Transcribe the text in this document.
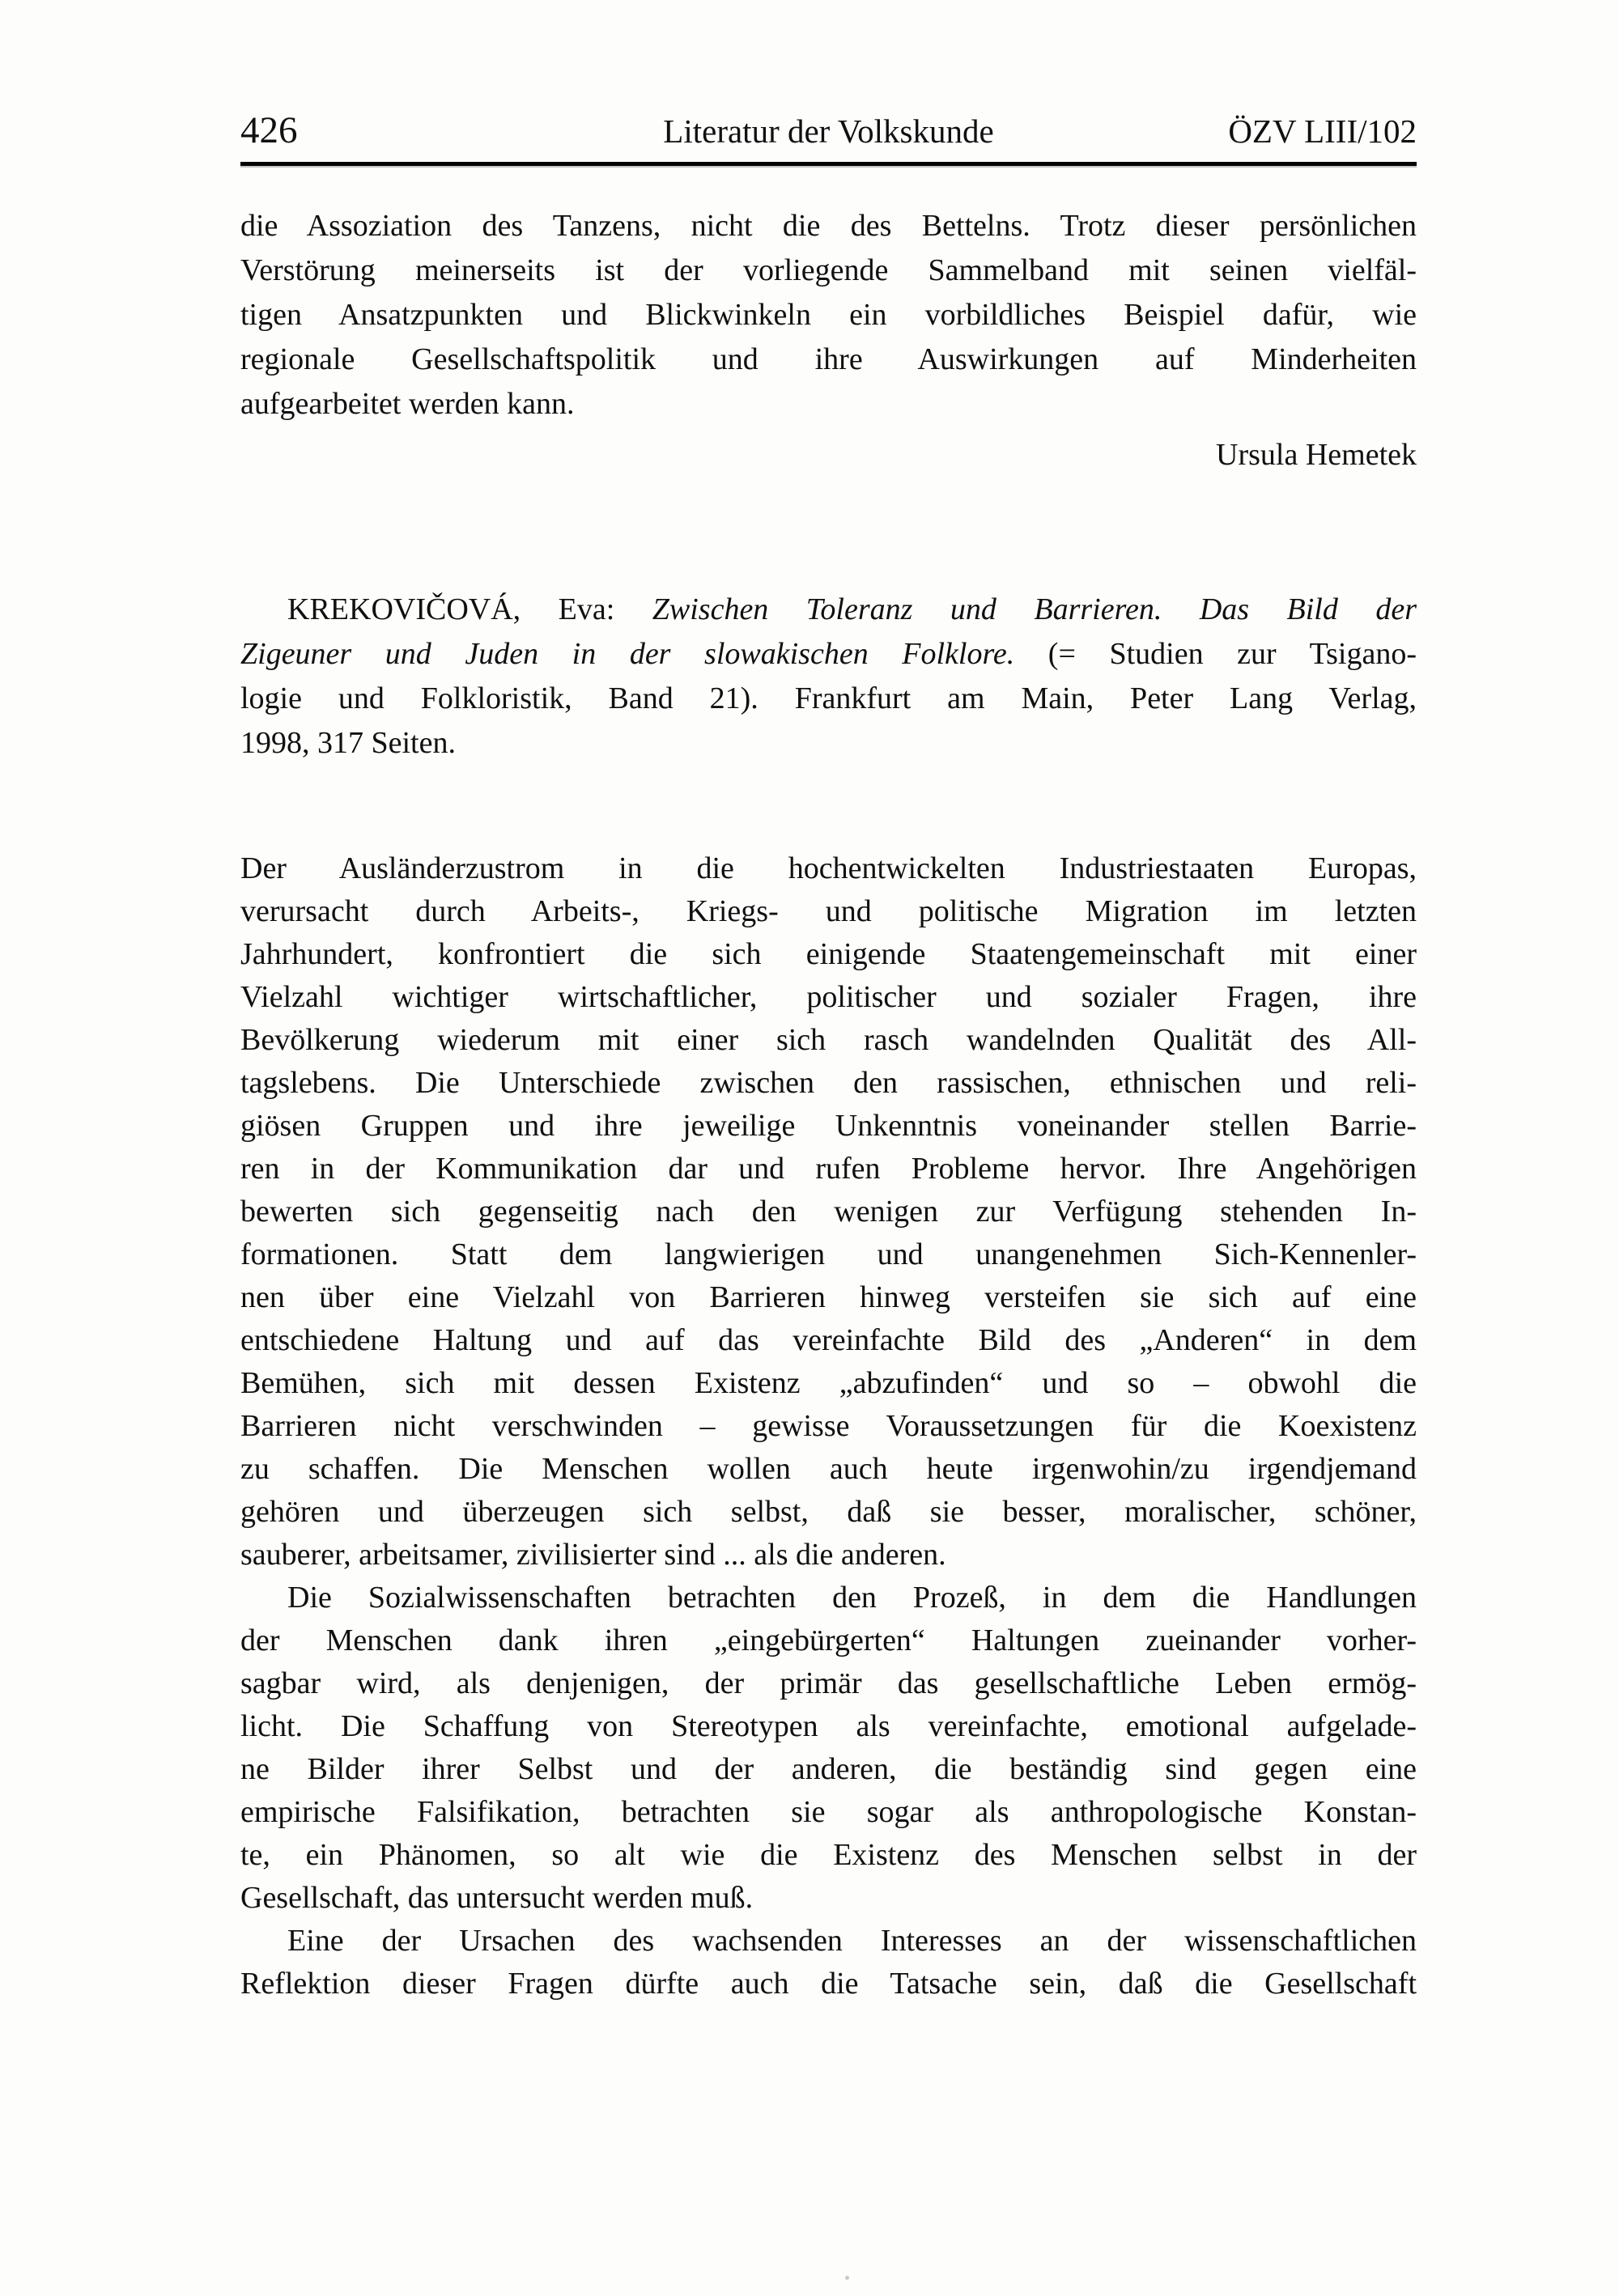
426	Literatur der Volkskunde	ÖZV LIII/102
die Assoziation des Tanzens, nicht die des Bettelns. Trotz dieser persönlichen
Verstörung meinerseits ist der vorliegende Sammelband mit seinen vielfäl-
tigen Ansatzpunkten und Blickwinkeln ein vorbildliches Beispiel dafür, wie
regionale Gesellschaftspolitik und ihre Auswirkungen auf Minderheiten
aufgearbeitet werden kann.
Ursula Hemetek
KREKOVIČOVÁ, Eva: Zwischen Toleranz und Barrieren. Das Bild der
Zigeuner und Juden in der slowakischen Folklore. (= Studien zur Tsigano-
logie und Folkloristik, Band 21). Frankfurt am Main, Peter Lang Verlag,
1998, 317 Seiten.
Der Ausländerzustrom in die hochentwickelten Industriestaaten Europas,
verursacht durch Arbeits-, Kriegs- und politische Migration im letzten
Jahrhundert, konfrontiert die sich einigende Staatengemeinschaft mit einer
Vielzahl wichtiger wirtschaftlicher, politischer und sozialer Fragen, ihre
Bevölkerung wiederum mit einer sich rasch wandelnden Qualität des All-
tagslebens. Die Unterschiede zwischen den rassischen, ethnischen und reli-
giösen Gruppen und ihre jeweilige Unkenntnis voneinander stellen Barrie-
ren in der Kommunikation dar und rufen Probleme hervor. Ihre Angehörigen
bewerten sich gegenseitig nach den wenigen zur Verfügung stehenden In-
formationen. Statt dem langwierigen und unangenehmen Sich-Kennenler-
nen über eine Vielzahl von Barrieren hinweg versteifen sie sich auf eine
entschiedene Haltung und auf das vereinfachte Bild des „Anderen“ in dem
Bemühen, sich mit dessen Existenz „abzufinden“ und so – obwohl die
Barrieren nicht verschwinden – gewisse Voraussetzungen für die Koexistenz
zu schaffen. Die Menschen wollen auch heute irgenwohin/zu irgendjemand
gehören und überzeugen sich selbst, daß sie besser, moralischer, schöner,
sauberer, arbeitsamer, zivilisierter sind ... als die anderen.
Die Sozialwissenschaften betrachten den Prozeß, in dem die Handlungen
der Menschen dank ihren „eingebürgerten“ Haltungen zueinander vorher-
sagbar wird, als denjenigen, der primär das gesellschaftliche Leben ermög-
licht. Die Schaffung von Stereotypen als vereinfachte, emotional aufgelade-
ne Bilder ihrer Selbst und der anderen, die beständig sind gegen eine
empirische Falsifikation, betrachten sie sogar als anthropologische Konstan-
te, ein Phänomen, so alt wie die Existenz des Menschen selbst in der
Gesellschaft, das untersucht werden muß.
Eine der Ursachen des wachsenden Interesses an der wissenschaftlichen
Reflektion dieser Fragen dürfte auch die Tatsache sein, daß die Gesellschaft
